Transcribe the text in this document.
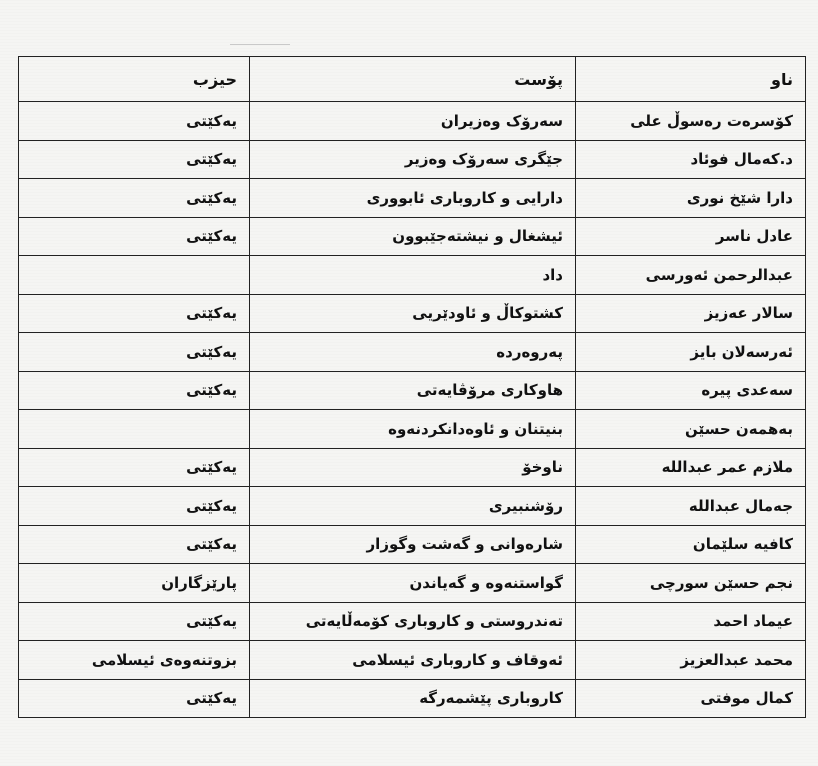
حیزب	پۆست	ناو
یەکێتی	سەرۆک وەزیران	کۆسرەت رەسوڵ علی
یەکێتی	جێگری سەرۆک وەزیر	د.کەمال فوئاد
یەکێتی	دارایی و کاروباری ئابووری	دارا شێخ نوری
یەکێتی	ئیشغال و نیشتەجێبوون	عادل ناسر
	داد	عبدالرحمن ئەورسی
یەکێتی	کشتوکاڵ و ئاودێریی	سالار عەزیز
یەکێتی	پەروەردە	ئەرسەلان بایز
یەکێتی	هاوکاری مرۆڤایەتی	سەعدی پیرە
	بنیتنان و ئاوەدانکردنەوە	بەهمەن حسێن
یەکێتی	ناوخۆ	ملازم عمر عبدالله
یەکێتی	رۆشنبیری	جەمال عبدالله
یەکێتی	شارەوانی و گەشت وگوزار	کافیە سلێمان
پارێزگاران	گواستنەوە و گەیاندن	نجم حسێن سورچی
یەکێتی	تەندروستی و کاروباری کۆمەڵایەتی	عیماد احمد
بزوتنەوەی ئیسلامی	ئەوقاف و کاروباری ئیسلامی	محمد عبدالعزیز
یەکێتی	کاروباری پێشمەرگە	کمال موفتی
